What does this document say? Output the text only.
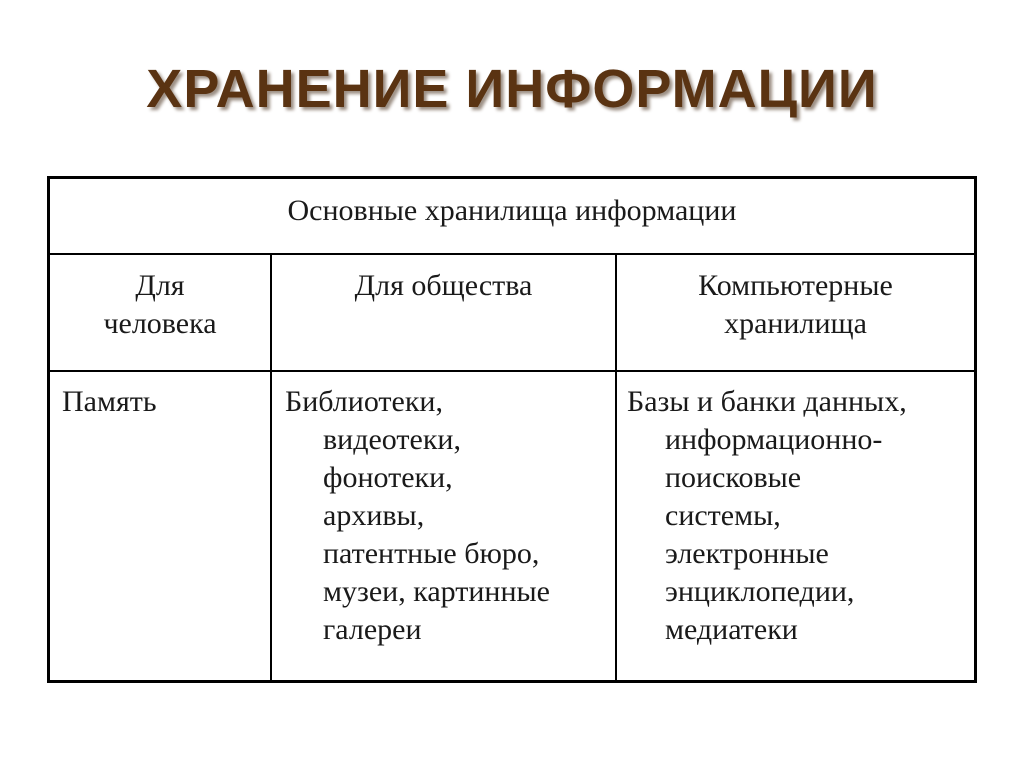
ХРАНЕНИЕ ИНФОРМАЦИИ
Основные хранилища информации
Для
человека
Память
Для общества
Библиотеки,
видеотеки,
фонотеки,
архивы,
патентные бюро,
музеи, картинные
галереи
Компьютерные
хранилища
Базы и банки данных,
информационно-
поисковые
системы,
электронные
энциклопедии,
медиатеки
